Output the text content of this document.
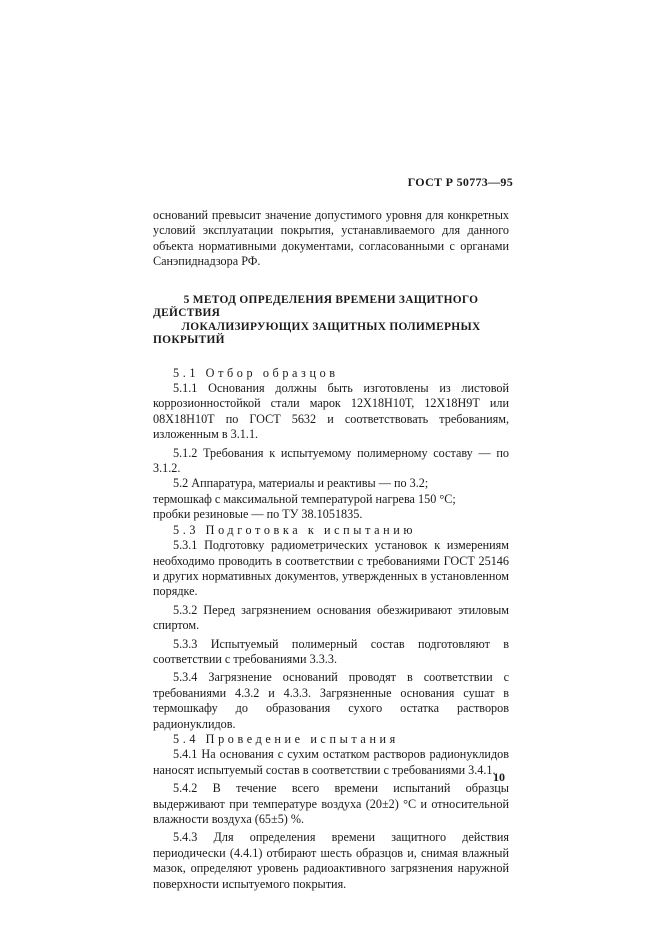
ГОСТ Р 50773—95

оснований превысит значение допустимого уровня для конкретных условий эксплуатации покрытия, устанавливаемого для данного объекта нормативными документами, согласованными с органами Санэпиднадзора РФ.

5 МЕТОД ОПРЕДЕЛЕНИЯ ВРЕМЕНИ ЗАЩИТНОГО ДЕЙСТВИЯ
ЛОКАЛИЗИРУЮЩИХ ЗАЩИТНЫХ ПОЛИМЕРНЫХ ПОКРЫТИЙ

5.1 Отбор образцов

5.1.1 Основания должны быть изготовлены из листовой коррозионностойкой стали марок 12Х18Н10Т, 12Х18Н9Т или 08Х18Н10Т по ГОСТ 5632 и соответствовать требованиям, изложенным в 3.1.1.

5.1.2 Требования к испытуемому полимерному составу — по 3.1.2.

5.2 Аппаратура, материалы и реактивы — по 3.2;

термошкаф с максимальной температурой нагрева 150 °С;

пробки резиновые — по ТУ 38.1051835.

5.3 Подготовка к испытанию

5.3.1 Подготовку радиометрических установок к измерениям необходимо проводить в соответствии с требованиями ГОСТ 25146 и других нормативных документов, утвержденных в установленном порядке.

5.3.2 Перед загрязнением основания обезжиривают этиловым спиртом.

5.3.3 Испытуемый полимерный состав подготовляют в соответствии с требованиями 3.3.3.

5.3.4 Загрязнение оснований проводят в соответствии с требованиями 4.3.2 и 4.3.3. Загрязненные основания сушат в термошкафу до образования сухого остатка растворов радионуклидов.

5.4 Проведение испытания

5.4.1 На основания с сухим остатком растворов радионуклидов наносят испытуемый состав в соответствии с требованиями 3.4.1.

5.4.2 В течение всего времени испытаний образцы выдерживают при температуре воздуха (20±2) °С и относительной влажности воздуха (65±5) %.

5.4.3 Для определения времени защитного действия периодически (4.4.1) отбирают шесть образцов и, снимая влажный мазок, определяют уровень радиоактивного загрязнения наружной поверхности испытуемого покрытия.

10
